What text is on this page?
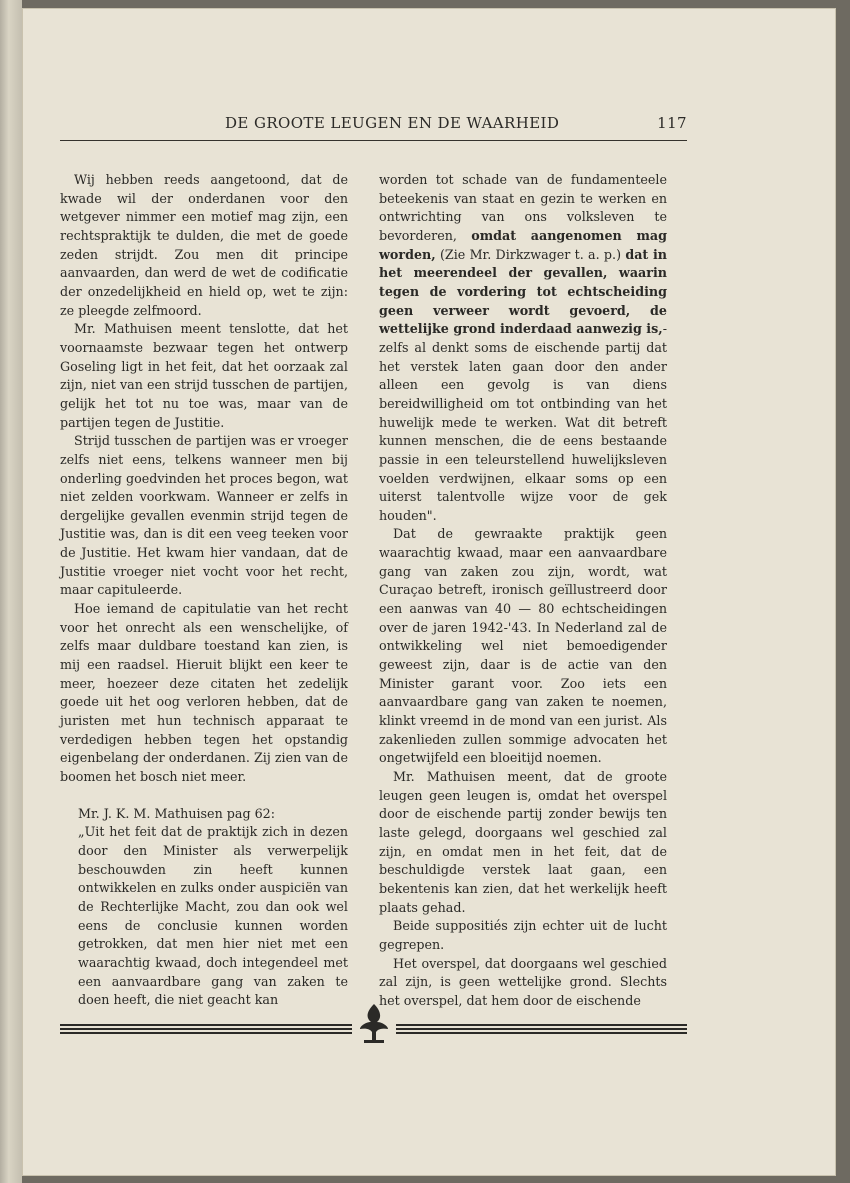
DE GROOTE LEUGEN EN DE WAARHEID	117

Wij hebben reeds aangetoond, dat de kwade wil der onderdanen voor den wetgever nimmer een motief mag zijn, een rechtspraktijk te dulden, die met de goede zeden strijdt. Zou men dit principe aanvaarden, dan werd de wet de codificatie der onzedelijkheid en hield op, wet te zijn: ze pleegde zelfmoord.

Mr. Mathuisen meent tenslotte, dat het voornaamste bezwaar tegen het ontwerp Goseling ligt in het feit, dat het oorzaak zal zijn, niet van een strijd tusschen de partijen, gelijk het tot nu toe was, maar van de partijen tegen de Justitie.

Strijd tusschen de partijen was er vroeger zelfs niet eens, telkens wanneer men bij onderling goedvinden het proces begon, wat niet zelden voorkwam. Wanneer er zelfs in dergelijke gevallen evenmin strijd tegen de Justitie was, dan is dit een veeg teeken voor de Justitie. Het kwam hier vandaan, dat de Justitie vroeger niet vocht voor het recht, maar capituleerde.

Hoe iemand de capitulatie van het recht voor het onrecht als een wenschelijke, of zelfs maar duldbare toestand kan zien, is mij een raadsel. Hieruit blijkt een keer te meer, hoezeer deze citaten het zedelijk goede uit het oog verloren hebben, dat de juristen met hun technisch apparaat te verdedigen hebben tegen het opstandig eigenbelang der onderdanen. Zij zien van de boomen het bosch niet meer.

Mr. J. K. M. Mathuisen pag 62:

„Uit het feit dat de praktijk zich in dezen door den Minister als verwerpelijk beschouwden zin heeft kunnen ontwikkelen en zulks onder auspiciën van de Rechterlijke Macht, zou dan ook wel eens de conclusie kunnen worden getrokken, dat men hier niet met een waarachtig kwaad, doch integendeel met een aanvaardbare gang van zaken te doen heeft, die niet geacht kan

worden tot schade van de fundamenteele beteekenis van staat en gezin te werken en ontwrichting van ons volksleven te bevorderen, omdat aangenomen mag worden, (Zie Mr. Dirkzwager t. a. p.) dat in het meerendeel der gevallen, waarin tegen de vordering tot echtscheiding geen verweer wordt gevoerd, de wettelijke grond inderdaad aanwezig is,- zelfs al denkt soms de eischende partij dat het verstek laten gaan door den ander alleen een gevolg is van diens bereidwilligheid om tot ontbinding van het huwelijk mede te werken. Wat dit betreft kunnen menschen, die de eens bestaande passie in een teleurstellend huwelijksleven voelden verdwijnen, elkaar soms op een uiterst talentvolle wijze voor de gek houden".

Dat de gewraakte praktijk geen waarachtig kwaad, maar een aanvaardbare gang van zaken zou zijn, wordt, wat Curaçao betreft, ironisch geïllustreerd door een aanwas van 40 — 80 echtscheidingen over de jaren 1942-'43. In Nederland zal de ontwikkeling wel niet bemoedigender geweest zijn, daar is de actie van den Minister garant voor. Zoo iets een aanvaardbare gang van zaken te noemen, klinkt vreemd in de mond van een jurist. Als zakenlieden zullen sommige advocaten het ongetwijfeld een bloeitijd noemen.

Mr. Mathuisen meent, dat de groote leugen geen leugen is, omdat het overspel door de eischende partij zonder bewijs ten laste gelegd, doorgaans wel geschied zal zijn, en omdat men in het feit, dat de beschuldigde verstek laat gaan, een bekentenis kan zien, dat het werkelijk heeft plaats gehad.

Beide suppositiés zijn echter uit de lucht gegrepen.

Het overspel, dat doorgaans wel geschied zal zijn, is geen wettelijke grond. Slechts het overspel, dat hem door de eischende
